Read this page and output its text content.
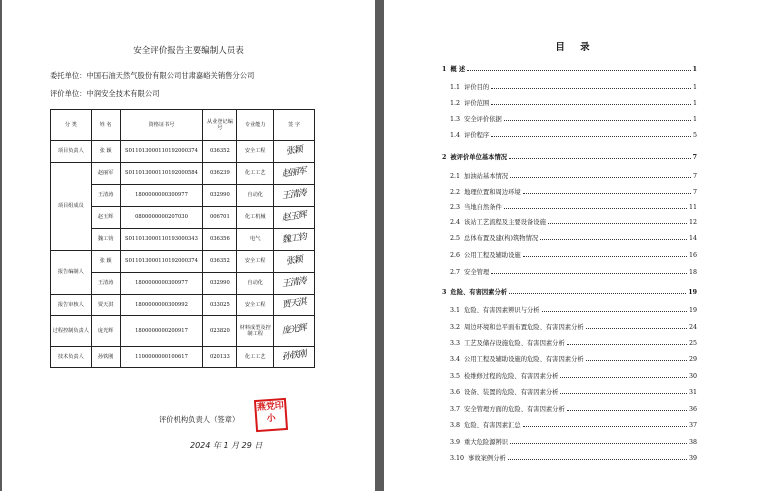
安全评价报告主要编制人员表
委托单位：中国石油天然气股份有限公司甘肃嘉峪关销售分公司
评价单位：中润安全技术有限公司
分 类	姓 名	资格证书号	从业登记编号	专业能力	签 字
项目负责人	张 颖	S011013000110192000374	036352	安全工程	张颖
项目组成员	赵丽军	S011013000110192000584	036239	化工工艺	赵丽军
	王清涛	1800000000300977	032990	自动化	王清涛
	赵玉辉	0800000000207030	006701	化工机械	赵玉辉
	魏工钧	S011013000110193000343	036356	电气	魏工钧
报告编制人	张 颖	S011013000110192000374	036352	安全工程	张颖
	王清涛	1800000000300977	032990	自动化	王清涛
报告审核人	贾天淇	1800000000300992	033025	安全工程	贾天淇
过程控制负责人	庞光辉	1800000000200917	023820	材料成型及控制工程	庞光辉
技术负责人	孙铁刚	1100000000100617	020133	化工工艺	孙铁刚
评价机构负责人（签章）
燕党印小
2024 年 1 月 29 日
目 录
1 概 述	1
1.1 评价目的	1
1.2 评价范围	1
1.3 安全评价依据	1
1.4 评价程序	5
2 被评价单位基本情况	7
2.1 加油站基本情况	7
2.2 地理位置和周边环境	7
2.3 当地自然条件	11
2.4 该站工艺流程及主要设备设施	12
2.5 总体布置及建(构)筑物情况	14
2.6 公用工程及辅助设施	16
2.7 安全管理	18
3 危险、有害因素分析	19
3.1 危险、有害因素辨识与分析	19
3.2 周边环境和总平面布置危险、有害因素分析	24
3.3 工艺及储存设施危险、有害因素分析	25
3.4 公用工程及辅助设施的危险、有害因素分析	29
3.5 检维修过程的危险、有害因素分析	30
3.6 设备、装置的危险、有害因素分析	31
3.7 安全管理方面的危险、有害因素分析	36
3.8 危险、有害因素汇总	37
3.9 重大危险源辨识	38
3.10 事故案例分析	39
